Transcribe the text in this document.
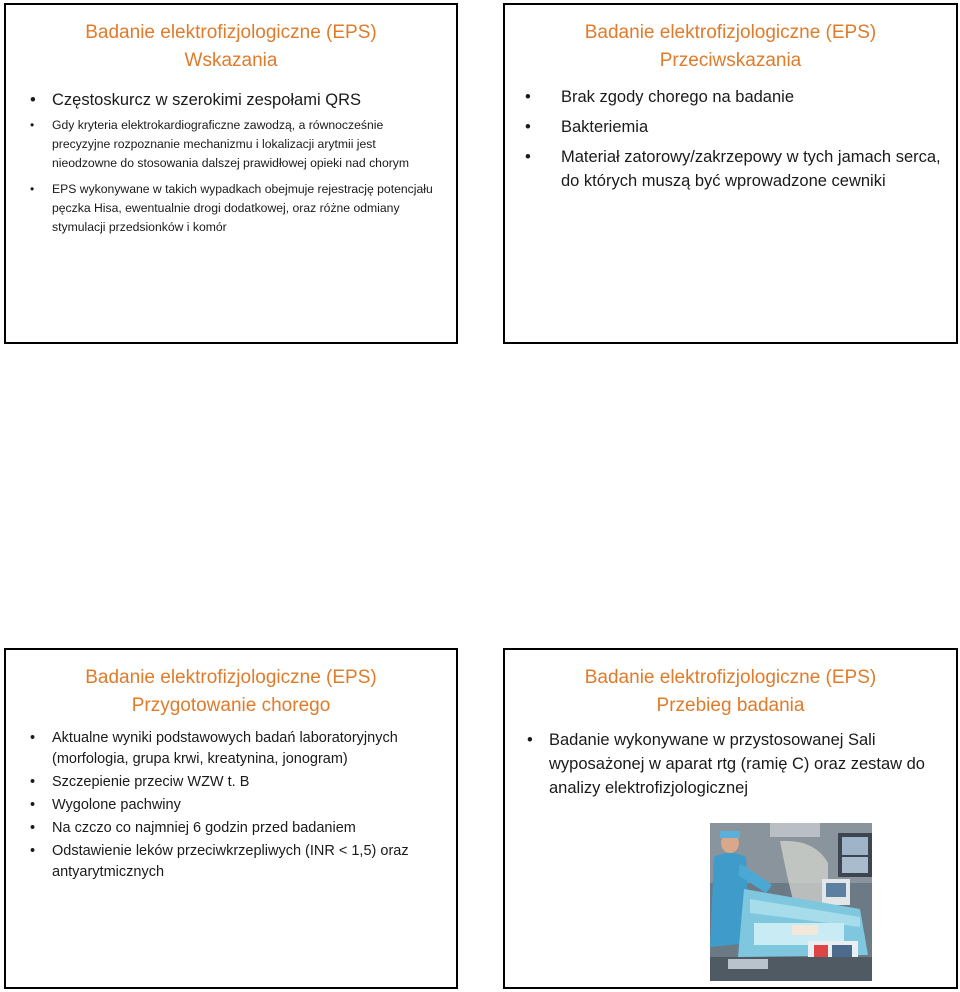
Badanie elektrofizjologiczne (EPS)
Wskazania
• Częstoskurcz w szerokimi zespołami QRS
• Gdy kryteria elektrokardiograficzne zawodzą, a równocześnie precyzyjne rozpoznanie mechanizmu i lokalizacji arytmii jest nieodzowne do stosowania dalszej prawidłowej opieki nad chorym
• EPS wykonywane w takich wypadkach obejmuje rejestrację potencjału pęczka Hisa, ewentualnie drogi dodatkowej, oraz różne odmiany stymulacji przedsionków i komór
Badanie elektrofizjologiczne (EPS)
Przeciwskazania
• Brak zgody chorego na badanie
• Bakteriemia
• Materiał zatorowy/zakrzepowy w tych jamach serca, do których muszą być wprowadzone cewniki
Badanie elektrofizjologiczne (EPS)
Przygotowanie chorego
• Aktualne wyniki podstawowych badań laboratoryjnych (morfologia, grupa krwi, kreatynina, jonogram)
• Szczepienie przeciw WZW t. B
• Wygolone pachwiny
• Na czczo co najmniej 6 godzin przed badaniem
• Odstawienie leków przeciwkrzepliwych (INR < 1,5) oraz antyarytmicznych
Badanie elektrofizjologiczne (EPS)
Przebieg badania
• Badanie wykonywane w przystosowanej Sali wyposażonej w aparat rtg (ramię C) oraz zestaw do analizy elektrofizjologicznej
